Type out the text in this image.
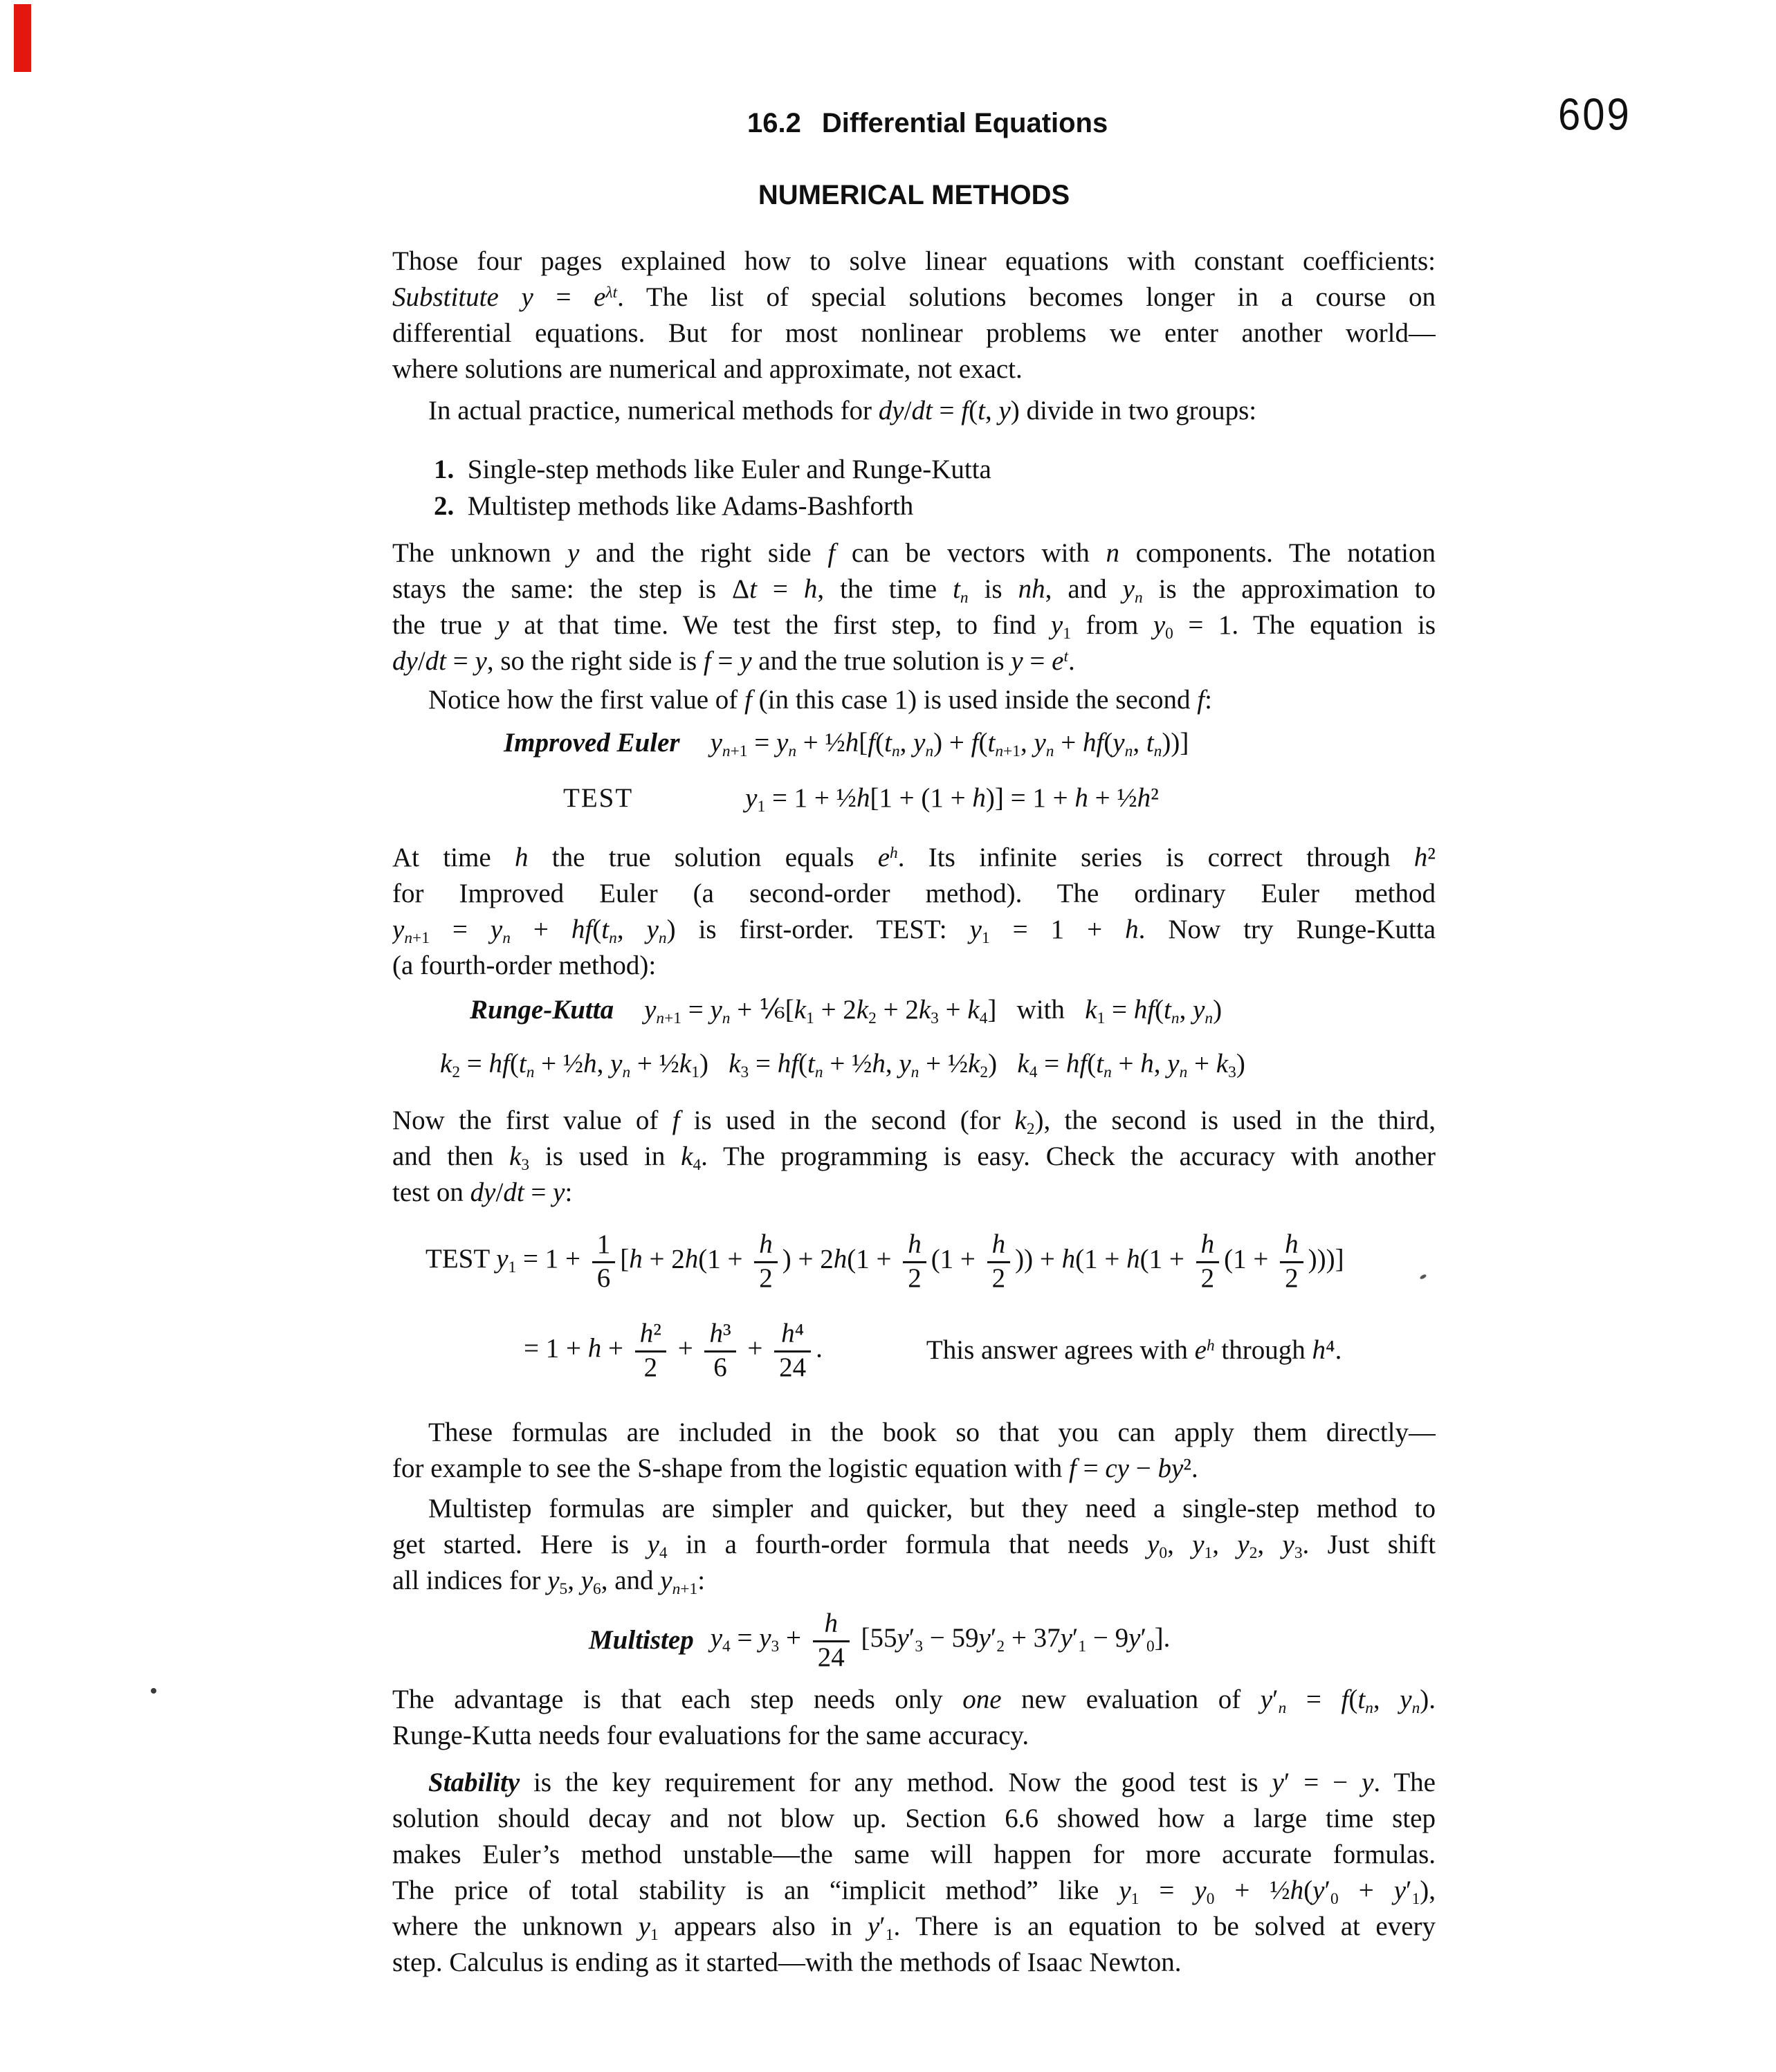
16.2 Differential Equations	609
NUMERICAL METHODS
Those four pages explained how to solve linear equations with constant coefficients:
Substitute $y = e^{\lambda t}$. The list of special solutions becomes longer in a course on
differential equations. But for most nonlinear problems we enter another world—
where solutions are numerical and approximate, not exact.
In actual practice, numerical methods for dy/dt = f(t, y) divide in two groups:
1.  Single-step methods like Euler and Runge-Kutta
2.  Multistep methods like Adams-Bashforth
The unknown y and the right side f can be vectors with n components. The notation
stays the same: the step is Δt = h, the time $t_n$ is nh, and $y_n$ is the approximation to
the true y at that time. We test the first step, to find $y_1$ from $y_0 = 1$. The equation is
dy/dt = y, so the right side is f = y and the true solution is $y = e^t$.
Notice how the first value of f (in this case 1) is used inside the second f:
Improved Euler $y_{n+1} = y_n$ + $\frac{1}{2}h[f(t_n$, $y_n) + f(t_{n+1}$, $y_n + hf(y_n$, $t_n$))]
TEST	$y_1 = 1$ + ½h[1 + (1 + h)] = 1 + h + ½h²
At time h the true solution equals $e^h$. Its infinite series is correct through h²
for Improved Euler (a second-order method). The ordinary Euler method
$y_{n+1} = y_n + hf(t_n$, $y_n$) is first-order. TEST: $y_1 = 1 + h$. Now try Runge-Kutta
(a fourth-order method):
Runge-Kutta $y_{n+1} = y_n$ + $\frac{1}{6}[k_1 + 2k_2 + 2k_3 + k_4]$   with   $k_1 = hf(t_n$, $y_n$)
$k_2 = hf(t_n$ + ½h, $y_n$ + $\frac{1}{2}k_1$)   $k_3 = hf(t_n$ + ½h, $y_n$ + $\frac{1}{2}k_2$)   $k_4 = hf(t_n + h$, $y_n + k_3$)
Now the first value of f is used in the second (for $k_2$), the second is used in the third,
and then $k_3$ is used in $k_4$. The programming is easy. Check the accuracy with another
test on dy/dt = y:
TEST $y_1 = 1 + \frac{1}{6} [h + 2h(1 + \frac{h}{2}$ ) + $2h(1 + \frac{h}{2} (1 + \frac{h}{2}$ )) + $h(1 + h(1 + \frac{h}{2} (1 + \frac{h}{2}$ )))]
= $1 + h + \frac{\text{h²}}{2} + \frac{\text{h³}}{6} + \frac{\text{h⁴}}{24}$ .	This answer agrees with $e^h$ through h⁴.
These formulas are included in the book so that you can apply them directly—
for example to see the S-shape from the logistic equation with f = cy − by².
Multistep formulas are simpler and quicker, but they need a single-step method to
get started. Here is $y_4$ in a fourth-order formula that needs $y_0$, $y_1$, $y_2$, $y_3$. Just shift
all indices for $y_5$, $y_6$, and $y_{n+1}$:
Multistep $y_4 = y_3 + \frac{h}{24} [55y'_3 - 59y'_2 + 37y'_1 - 9y'_0]$.
The advantage is that each step needs only one new evaluation of $y'_n = f(t_n$, $y_n$).
Runge-Kutta needs four evaluations for the same accuracy.
Stability is the key requirement for any method. Now the good test is y′ = − y. The
solution should decay and not blow up. Section 6.6 showed how a large time step
makes Euler’s method unstable—the same will happen for more accurate formulas.
The price of total stability is an “implicit method” like $y_1 = y_0$ + $\frac{1}{2}h(y'_0 + y'_1)$,
where the unknown $y_1$ appears also in $y'_1$. There is an equation to be solved at every
step. Calculus is ending as it started—with the methods of Isaac Newton.
